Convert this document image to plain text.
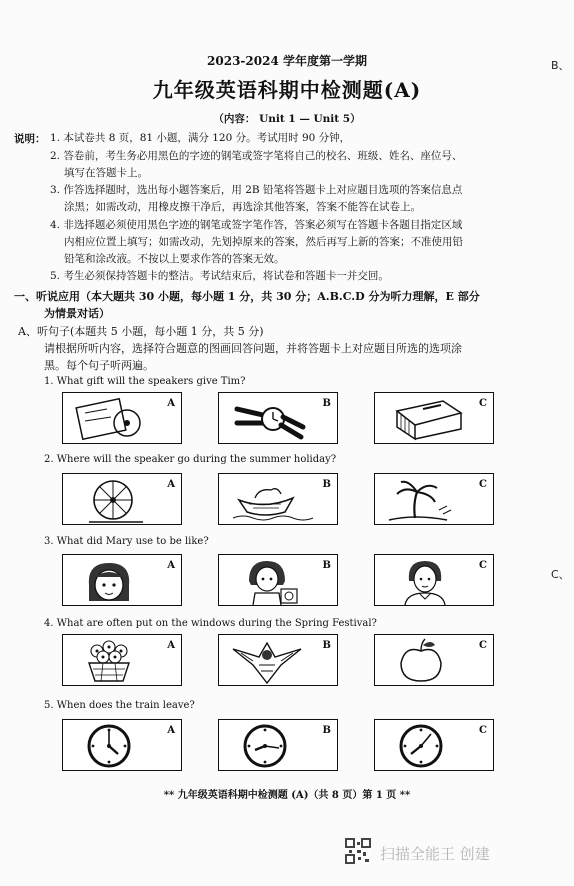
2023-2024 学年度第一学期
九年级英语科期中检测题(A)
（内容： Unit 1 — Unit 5）
B、
C、
说明： 1. 本试卷共 8 页，81 小题，满分 120 分。考试用时 90 分钟，
2. 答卷前，考生务必用黑色的字迹的钢笔或签字笔将自己的校名、班级、姓名、座位号、
填写在答题卡上。
3. 作答选择题时，选出每小题答案后，用 2B 铅笔将答题卡上对应题目选项的答案信息点
涂黑；如需改动，用橡皮擦干净后，再选涂其他答案，答案不能答在试卷上。
4. 非选择题必须使用黑色字迹的钢笔或签字笔作答，答案必须写在答题卡各题目指定区域
内相应位置上填写；如需改动，先划掉原来的答案，然后再写上新的答案；不准使用铅
铅笔和涂改液。不按以上要求作答的答案无效。
5. 考生必须保持答题卡的整洁。考试结束后，将试卷和答题卡一并交回。
一、听说应用（本大题共 30 小题，每小题 1 分，共 30 分；A.B.C.D 分为听力理解，E 部分
为情景对话）
A、听句子(本题共 5 小题，每小题 1 分，共 5 分)
请根据所听内容，选择符合题意的图画回答问题，并将答题卡上对应题目所选的选项涂
黑。每个句子听两遍。
1. What gift will the speakers give Tim?
A	B	C
2. Where will the speaker go during the summer holiday?
A	B	C
3. What did Mary use to be like?
A	B	C
4. What are often put on the windows during the Spring Festival?
A	B	C
5. When does the train leave?
A	B	C
** 九年级英语科期中检测题 (A)（共 8 页）第 1 页 **
扫描全能王 创建
